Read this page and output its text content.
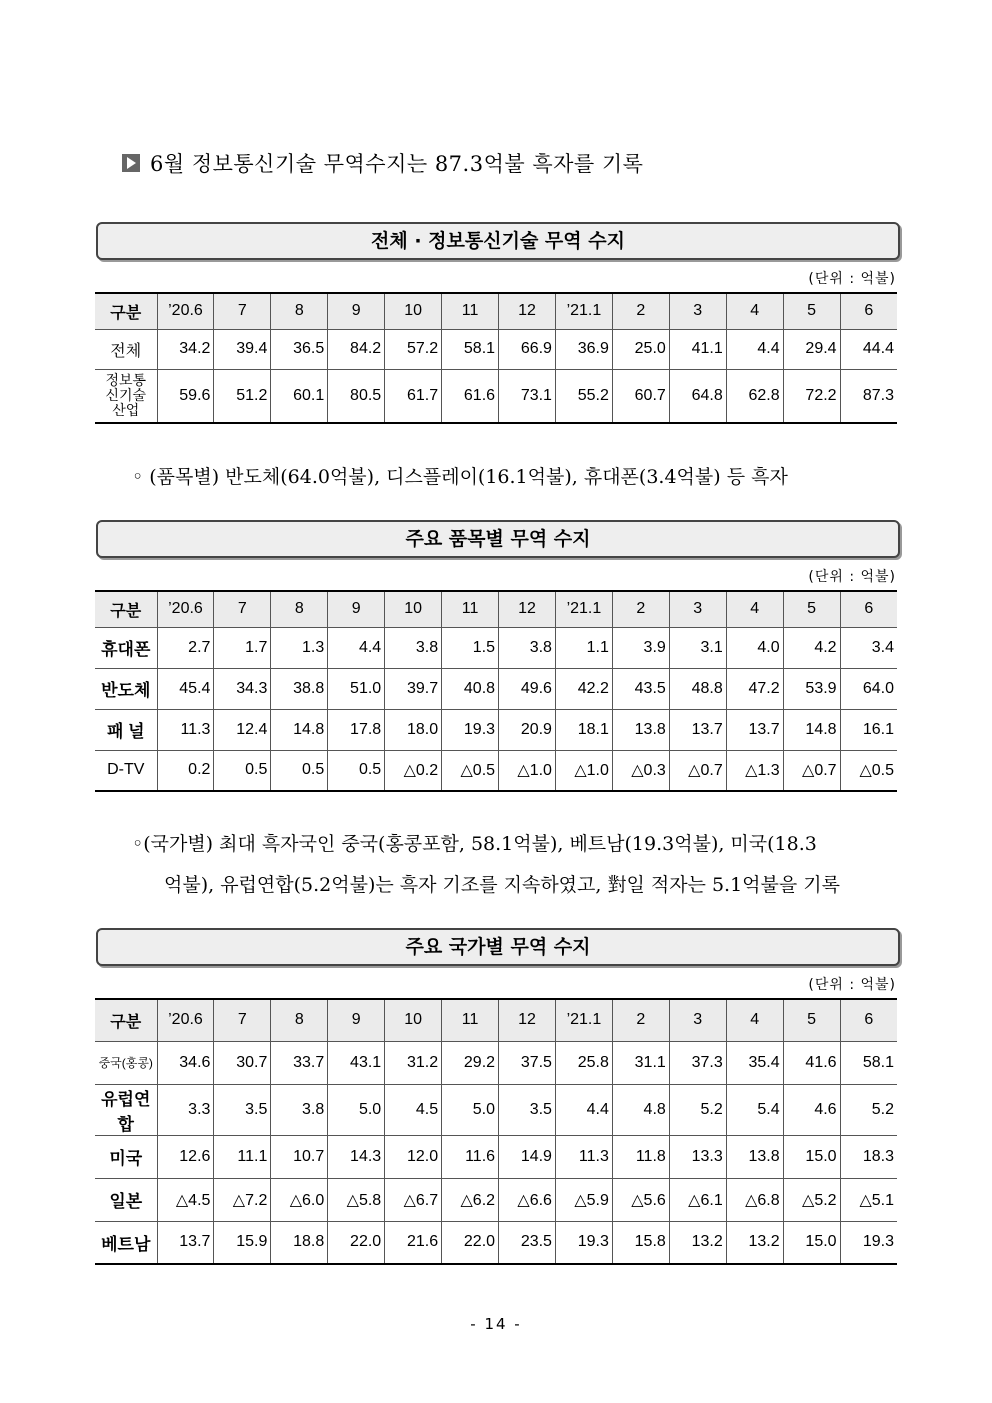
6월 정보통신기술 무역수지는 87.3억불 흑자를 기록
전체 · 정보통신기술 무역 수지
(단위 : 억불)
구분	’20.6	7	8	9	10	11	12	’21.1	2	3	4	5	6
전체	34.2	39.4	36.5	84.2	57.2	58.1	66.9	36.9	25.0	41.1	4.4	29.4	44.4
정보통
신기술
산업	59.6	51.2	60.1	80.5	61.7	61.6	73.1	55.2	60.7	64.8	62.8	72.2	87.3
◦ (품목별) 반도체(64.0억불), 디스플레이(16.1억불), 휴대폰(3.4억불) 등 흑자
주요 품목별 무역 수지
(단위 : 억불)
구분	’20.6	7	8	9	10	11	12	’21.1	2	3	4	5	6
휴대폰	2.7	1.7	1.3	4.4	3.8	1.5	3.8	1.1	3.9	3.1	4.0	4.2	3.4
반도체	45.4	34.3	38.8	51.0	39.7	40.8	49.6	42.2	43.5	48.8	47.2	53.9	64.0
패 널	11.3	12.4	14.8	17.8	18.0	19.3	20.9	18.1	13.8	13.7	13.7	14.8	16.1
D-TV	0.2	0.5	0.5	0.5	△0.2	△0.5	△1.0	△1.0	△0.3	△0.7	△1.3	△0.7	△0.5
◦(국가별) 최대 흑자국인 중국(홍콩포함, 58.1억불), 베트남(19.3억불), 미국(18.3
억불), 유럽연합(5.2억불)는 흑자 기조를 지속하였고, 對일 적자는 5.1억불을 기록
주요 국가별 무역 수지
(단위 : 억불)
구분	’20.6	7	8	9	10	11	12	’21.1	2	3	4	5	6
중국(홍콩)	34.6	30.7	33.7	43.1	31.2	29.2	37.5	25.8	31.1	37.3	35.4	41.6	58.1
유럽연합	3.3	3.5	3.8	5.0	4.5	5.0	3.5	4.4	4.8	5.2	5.4	4.6	5.2
미국	12.6	11.1	10.7	14.3	12.0	11.6	14.9	11.3	11.8	13.3	13.8	15.0	18.3
일본	△4.5	△7.2	△6.0	△5.8	△6.7	△6.2	△6.6	△5.9	△5.6	△6.1	△6.8	△5.2	△5.1
베트남	13.7	15.9	18.8	22.0	21.6	22.0	23.5	19.3	15.8	13.2	13.2	15.0	19.3
- 14 -
